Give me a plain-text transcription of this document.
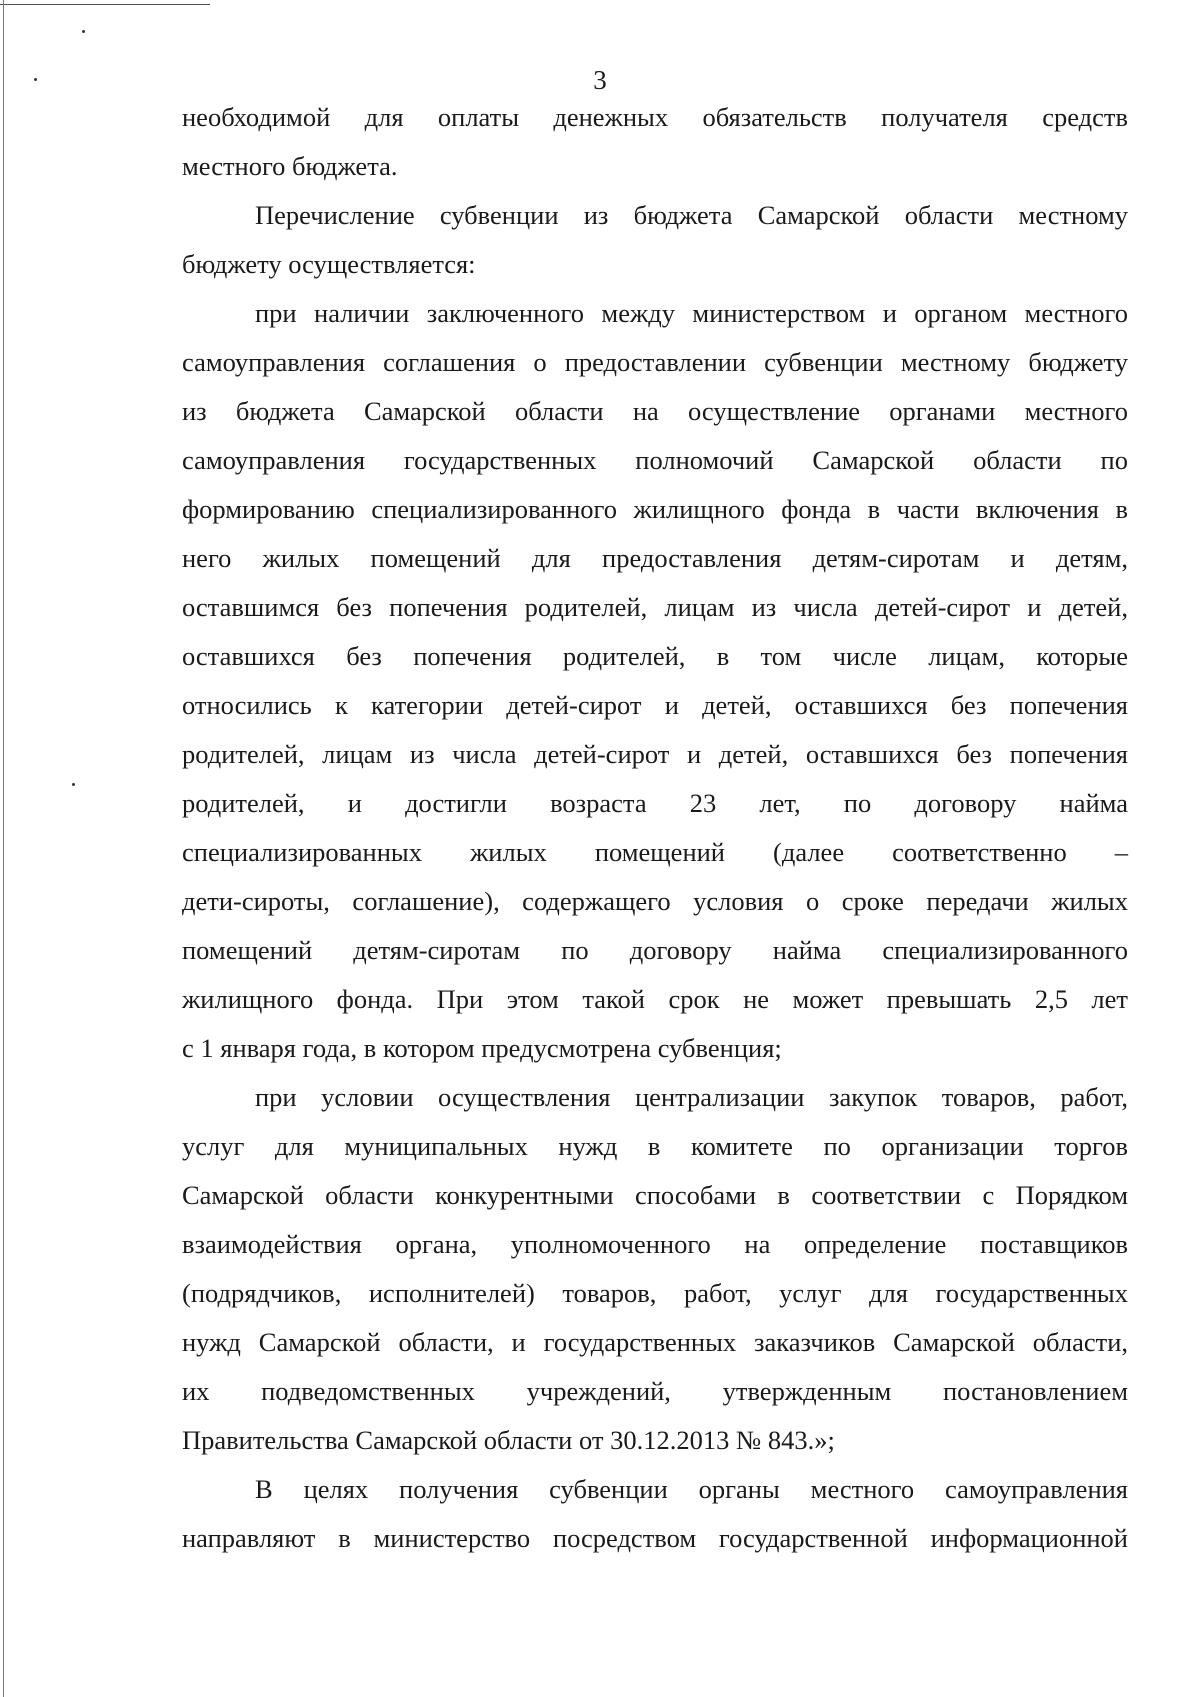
3
необходимой для оплаты денежных обязательств получателя средств
местного бюджета.
Перечисление субвенции из бюджета Самарской области местному
бюджету осуществляется:
при наличии заключенного между министерством и органом местного
самоуправления соглашения о предоставлении субвенции местному бюджету
из бюджета Самарской области на осуществление органами местного
самоуправления государственных полномочий Самарской области по
формированию специализированного жилищного фонда в части включения в
него жилых помещений для предоставления детям-сиротам и детям,
оставшимся без попечения родителей, лицам из числа детей-сирот и детей,
оставшихся без попечения родителей, в том числе лицам, которые
относились к категории детей-сирот и детей, оставшихся без попечения
родителей, лицам из числа детей-сирот и детей, оставшихся без попечения
родителей, и достигли возраста 23 лет, по договору найма
специализированных жилых помещений (далее соответственно –
дети-сироты, соглашение), содержащего условия о сроке передачи жилых
помещений детям-сиротам по договору найма специализированного
жилищного фонда. При этом такой срок не может превышать 2,5 лет
с 1 января года, в котором предусмотрена субвенция;
при условии осуществления централизации закупок товаров, работ,
услуг для муниципальных нужд в комитете по организации торгов
Самарской области конкурентными способами в соответствии с Порядком
взаимодействия органа, уполномоченного на определение поставщиков
(подрядчиков, исполнителей) товаров, работ, услуг для государственных
нужд Самарской области, и государственных заказчиков Самарской области,
их подведомственных учреждений, утвержденным постановлением
Правительства Самарской области от 30.12.2013 № 843.»;
В целях получения субвенции органы местного самоуправления
направляют в министерство посредством государственной информационной
